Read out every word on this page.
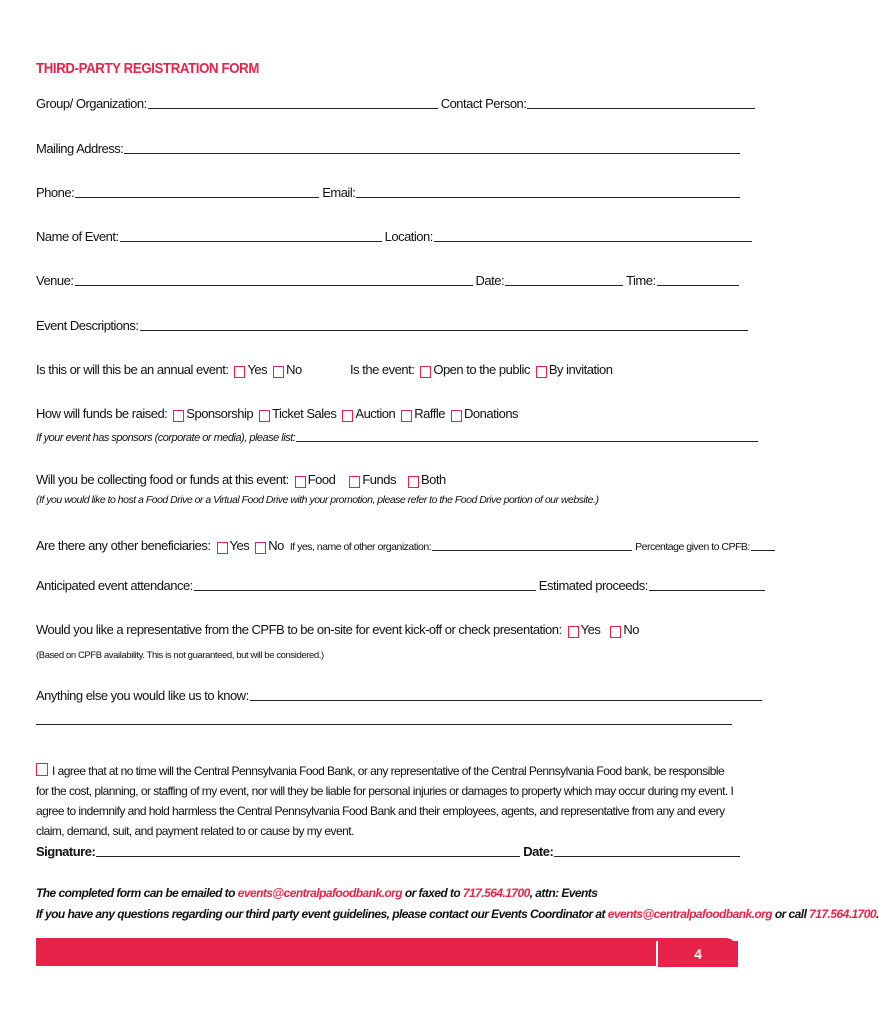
THIRD-PARTY REGISTRATION FORM
Group/ Organization:	Contact Person:
Mailing Address:
Phone:	Email:
Name of Event:	Location:
Venue:	Date:	Time:
Event Descriptions:
Is this or will this be an annual event: Yes No	Is the event: Open to the public By invitation
How will funds be raised: Sponsorship Ticket Sales Auction Raffle Donations
If your event has sponsors (corporate or media), please list:
Will you be collecting food or funds at this event: Food Funds Both
(If you would like to host a Food Drive or a Virtual Food Drive with your promotion, please refer to the Food Drive portion of our website.)
Are there any other beneficiaries: Yes No If yes, name of other organization:	Percentage given to CPFB:
Anticipated event attendance:	Estimated proceeds:
Would you like a representative from the CPFB to be on-site for event kick-off or check presentation: Yes No
(Based on CPFB availability. This is not guaranteed, but will be considered.)
Anything else you would like us to know:
I agree that at no time will the Central Pennsylvania Food Bank, or any representative of the Central Pennsylvania Food bank, be responsible for the cost, planning, or staffing of my event, nor will they be liable for personal injuries or damages to property which may occur during my event. I agree to indemnify and hold harmless the Central Pennsylvania Food Bank and their employees, agents, and representative from any and every claim, demand, suit, and payment related to or cause by my event.
Signature:	Date:
The completed form can be emailed to events@centralpafoodbank.org or faxed to 717.564.1700, attn: Events
If you have any questions regarding our third party event guidelines, please contact our Events Coordinator at events@centralpafoodbank.org or call 717.564.1700.
4
